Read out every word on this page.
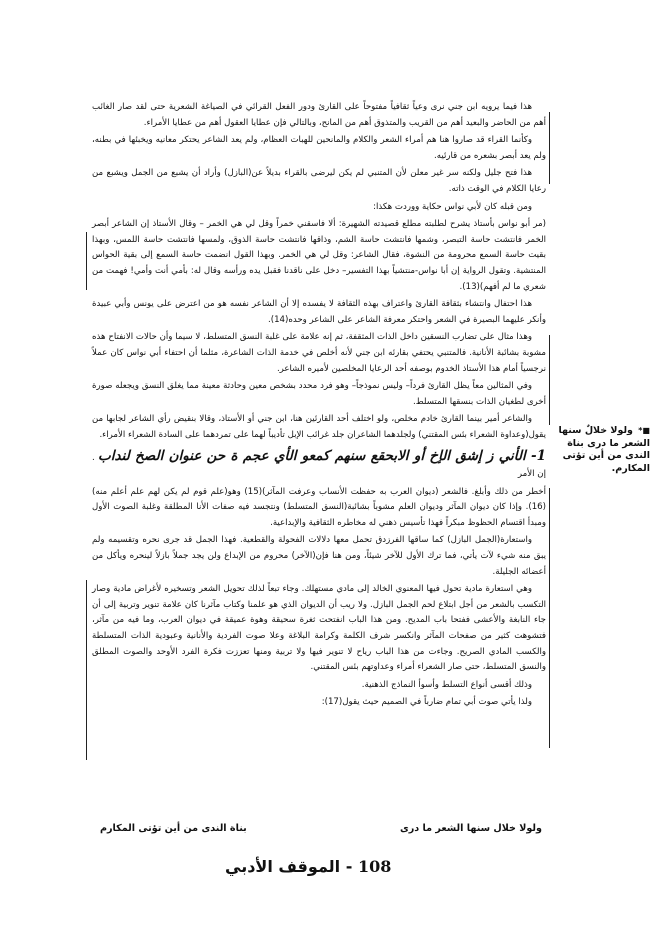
■* ولولا خلالٌ سنها الشعر ما درى بناة الندى من أين تؤتى المكارم.

هذا فيما يرويه ابن جني نرى وعياً ثقافياً مفتوحاً على القارئ ودور الفعل القرائي في الصياغة الشعرية حتى لقد صار الغائب أهم من الحاضر والبعيد أهم من القريب والمتذوق أهم من المانح، وبالتالي فإن عطايا العقول أهم من عطايا الأمراء.

وكأنما القراء قد صاروا هنا هم أمراء الشعر والكلام والمانحين للهبات العظام، ولم يعد الشاعر يحتكر معانيه ويخبئها في بطنه، ولم يعد أبصر بشعره من قارئيه.

هذا فتح جليل ولكنه سر غير معلن لأن المتنبي لم يكن ليرضى بالقراء بديلاً عن(البازل) وأراد أن يشبع من الجمل ويشبع من رعايا الكلام في الوقت ذاته.

ومن قبله كان لأبي نواس حكاية ووردت هكذا:

(مر أبو نواس بأستاذ يشرح لطلبته مطلع قصيدته الشهيرة: ألا فاسقني خمراً وقل لي هي الخمر – وقال الأستاذ إن الشاعر أبصر الخمر فانتشت حاسة التبصر، وشمها فانتشت حاسة الشم، وذاقها فانتشت حاسة الذوق، ولمسها فانتشت حاسة اللمس، وبهذا بقيت حاسة السمع محرومة من النشوة، فقال الشاعر: وقل لي هي الخمر. وبهذا القول انضمت حاسة السمع إلى بقية الحواس المنتشية. وتقول الرواية إن أبا نواس-منتشياً بهذا التفسير– دخل على ناقدنا فقبل يده ورأسه وقال له: بأمي أنت وأمي! فهمت من شعري ما لم أفهم)(13).

هذا احتفال وانتشاء بثقافة القارئ واعتراف بهذه الثقافة لا يفسده إلا أن الشاعر نفسه هو من اعترض على يونس وأبي عبيدة وأنكر عليهما البصيرة في الشعر واحتكر معرفة الشاعر على الشاعر وحده(14).

وهذا مثال على تضارب النسقين داخل الذات المثقفة، ثم إنه علامة على غلبة النسق المتسلط، لا سيما وأن حالات الانفتاح هذه مشوبة بشائبة الأنانية. فالمتنبي يحتفي بقارئه ابن جني لأنه أخلص في خدمة الذات الشاعرة، مثلما أن احتفاء أبي نواس كان عملاً نرجسياً أمام هذا الأستاذ الخدوم بوصفه أحد الرعايا المخلصين لأميره الشاعر.

وفي المثالين معاً يظل القارئ فرداً– وليس نموذجاً– وهو فرد محدد بشخص معين وحادثة معينة مما يغلق النسق ويجعله صورة أخرى لطغيان الذات بنسقها المتسلط.

والشاعر أمير بينما القارئ خادم مخلص، ولو اختلف أحد القارئين هنا، ابن جني أو الأستاذ، وقالا بنقيض رأي الشاعر لجابها من يقول(وعداوة الشعراء بئس المقتني) ولجلدهما الشاعران جلد غرائب الإبل تأديباً لهما على تمردهما على السادة الشعراء الأمراء.

1- الأني ز إشق الإخ أو الابحقع سنهم كمعو الأي عجم ة حن عنوان الصخ لنداب . إن الأمر

أخطر من ذلك وأبلغ. فالشعر (ديوان العرب به حفظت الأنساب وعرفت المآثر)(15) وهو(علم قوم لم يكن لهم علم أعلم منه)(16). وإذا كان ديوان المآثر وديوان العلم مشوباً بشائبة(النسق المتسلط) ونتجسد فيه صفات الأنا المطلقة وغلبة الصوت الأول ومبدأ اقتسام الحظوظ مبكراً فهذا تأسيس ذهني له مخاطره الثقافية والإبداعية.

واستعارة(الجمل البازل) كما ساقها الفرزدق تحمل معها دلالات الفحولة والقطعية. فهذا الجمل قد جرى نحره وتقسيمه ولم يبق منه شيء لآت يأتي، فما ترك الأول للآخر شيئاً، ومن هنا فإن(الآخر) محروم من الإبداع ولن يجد جملاً بازلاً لينحره ويأكل من أعضائه الجليلة.

وهي استعارة مادية تحول فيها المعنوي الخالد إلى مادي مستهلك. وجاء تبعاً لذلك تحويل الشعر وتسخيره لأغراض مادية وصار التكسب بالشعر من أجل ابتلاع لحم الجمل البازل. ولا ريب أن الديوان الذي هو علمنا وكتاب مآثرنا كان علامة تنوير وتربية إلى أن جاء النابغة والأعشى ففتحا باب المديح. ومن هذا الباب انفتحت ثغرة سحيقة وهوة عميقة في ديوان العرب، وما فيه من مآثر، فتشوهت كثير من صفحات المآثر وانكسر شرف الكلمة وكرامة البلاغة وعلا صوت الفردية والأنانية وعبودية الذات المتسلطة والكسب المادي الصريح. وجاءت من هذا الباب رياح لا تنوير فيها ولا تربية ومنها تعززت فكرة الفرد الأوحد والصوت المطلق والنسق المتسلط، حتى صار الشعراء أمراء وعداوتهم بئس المقتني.

وذلك أقسى أنواع التسلط وأسوأ النماذج الذهنية.

ولذا يأتي صوت أبي تمام ضارباً في الصميم حيث يقول(17):

ولولا خلال سنها الشعر ما درى
بناة الندى من أين تؤتى المكارم
108 - الموقف الأدبي
